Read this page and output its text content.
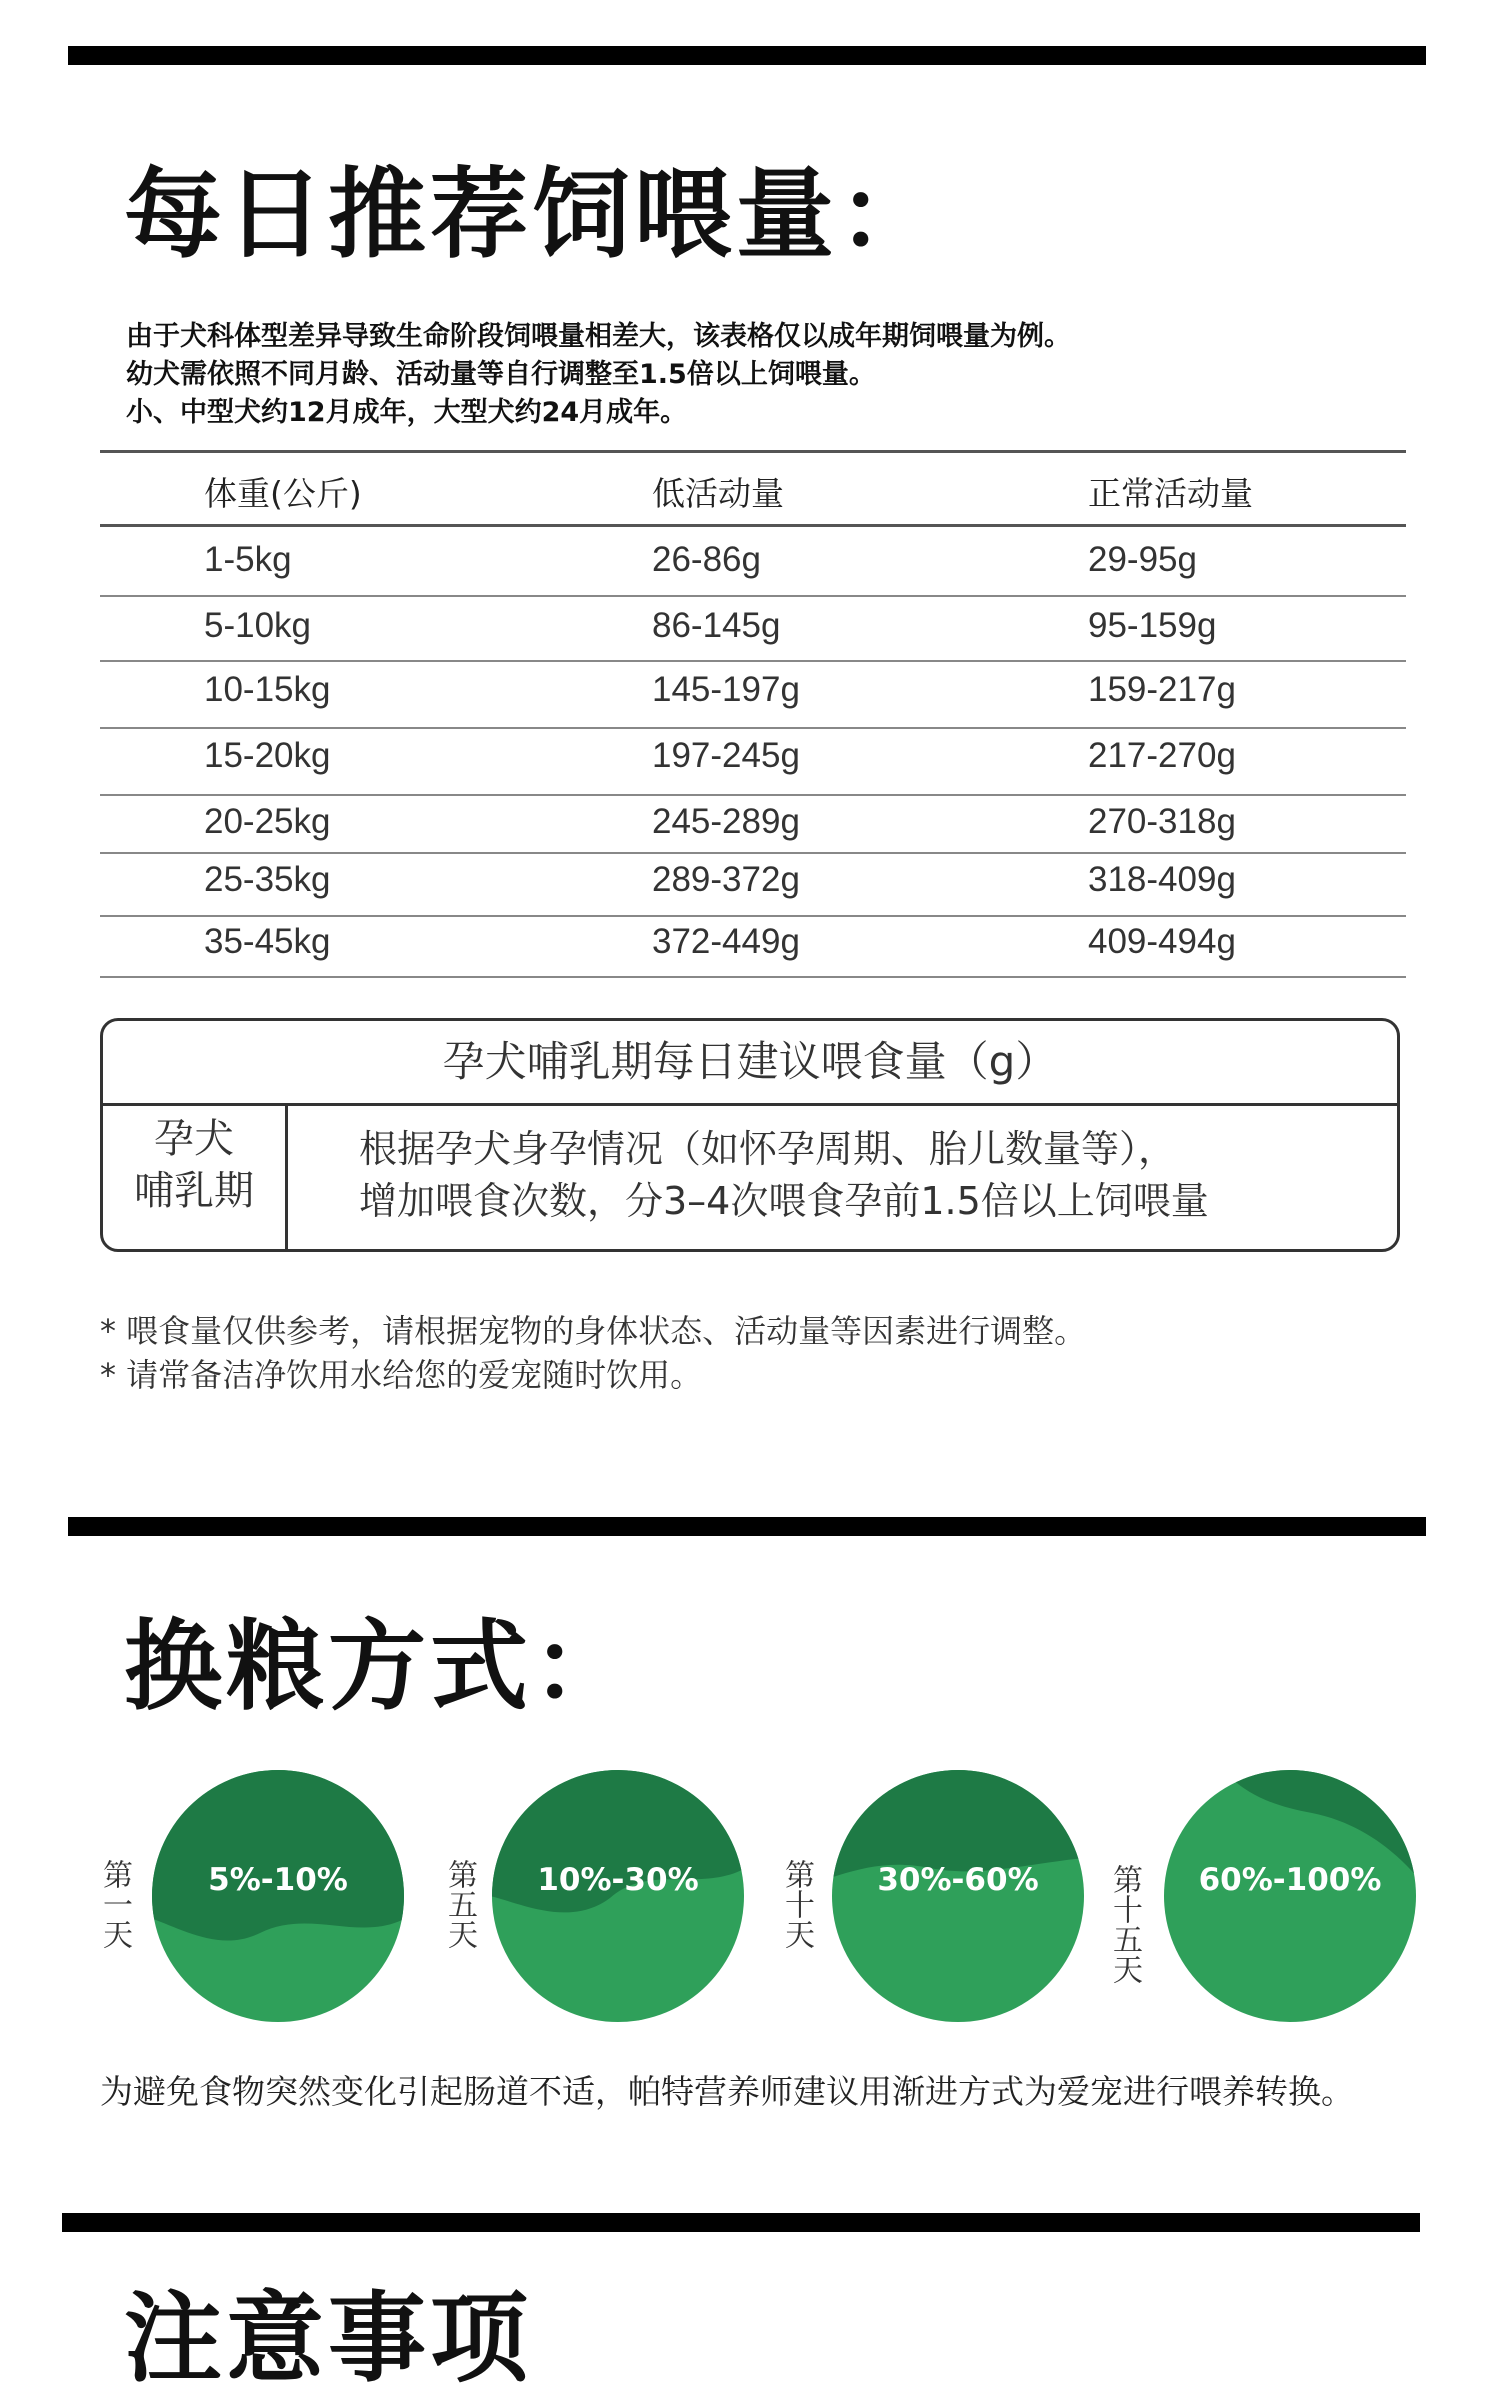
每日推荐饲喂量：
由于犬科体型差异导致生命阶段饲喂量相差大，该表格仅以成年期饲喂量为例。
幼犬需依照不同月龄、活动量等自行调整至1.5倍以上饲喂量。
小、中型犬约12月成年，大型犬约24月成年。
体重(公斤)	低活动量	正常活动量
1-5kg	26-86g	29-95g
5-10kg	86-145g	95-159g
10-15kg	145-197g	159-217g
15-20kg	197-245g	217-270g
20-25kg	245-289g	270-318g
25-35kg	289-372g	318-409g
35-45kg	372-449g	409-494g
孕犬哺乳期每日建议喂食量（g）
孕犬
哺乳期
根据孕犬身孕情况（如怀孕周期、胎儿数量等），
增加喂食次数，分3–4次喂食孕前1.5倍以上饲喂量
* 喂食量仅供参考，请根据宠物的身体状态、活动量等因素进行调整。
* 请常备洁净饮用水给您的爱宠随时饮用。
换粮方式：
第一天	5%-10%	第五天	10%-30%	第十天	30%-60%	第十五天	60%-100%
为避免食物突然变化引起肠道不适，帕特营养师建议用渐进方式为爱宠进行喂养转换。
注意事项
